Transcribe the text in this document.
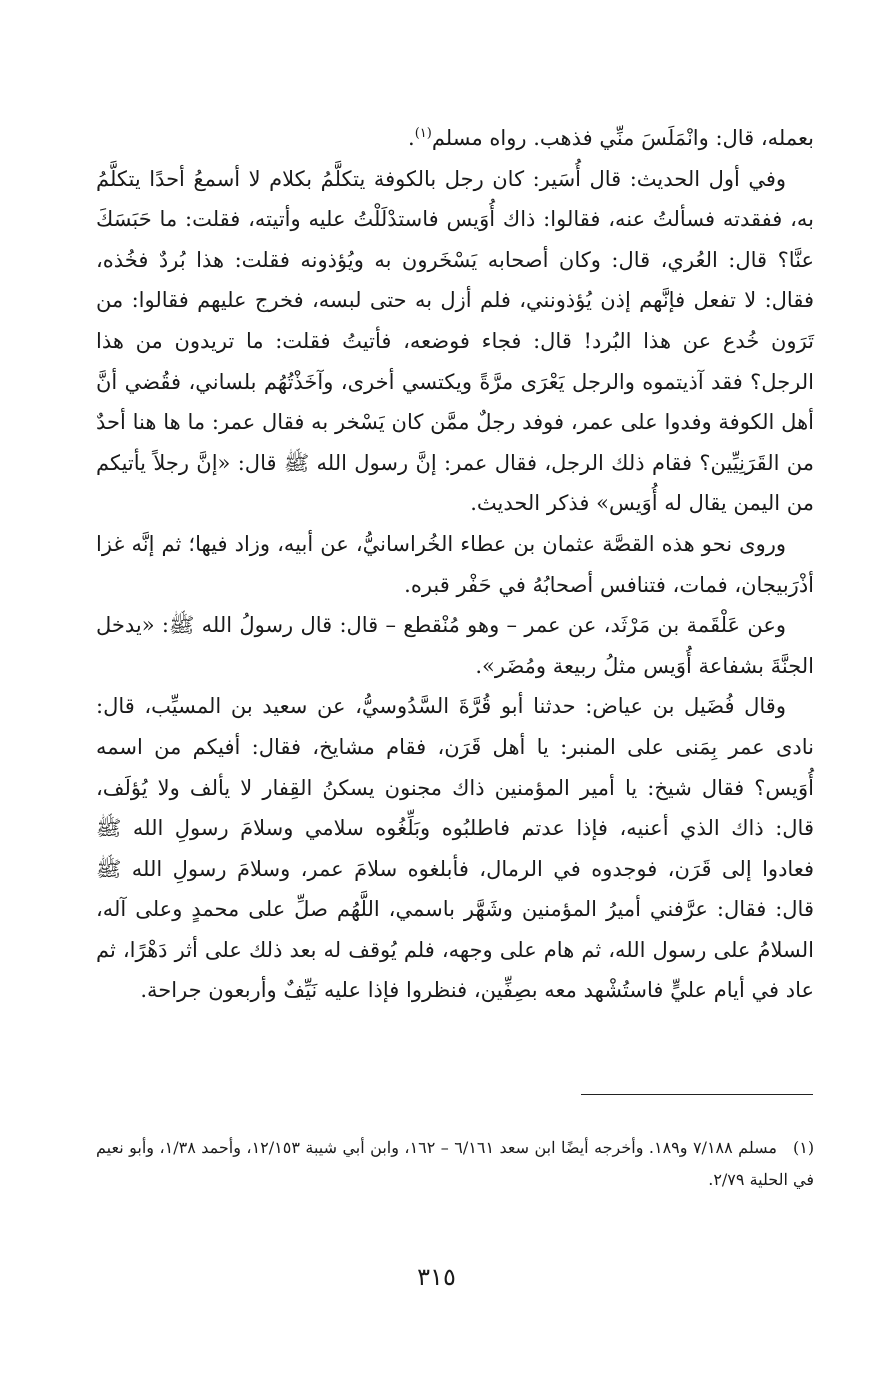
بعمله، قال: وانْمَلَسَ منِّي فذهب. رواه مسلم$^{(١)}$.

وفي أول الحديث: قال أُسَير: كان رجل بالكوفة يتكلَّمُ بكلام لا أسمعُ أحدًا يتكلَّمُ به، ففقدته فسألتُ عنه، فقالوا: ذاك أُوَيس فاستدْلَلْتُ عليه وأتيته، فقلت: ما حَبَسَكَ عنَّا؟ قال: العُري، قال: وكان أصحابه يَسْخَرون به ويُؤذونه فقلت: هذا بُردٌ فخُذه، فقال: لا تفعل فإنَّهم إذن يُؤذونني، فلم أزل به حتى لبسه، فخرج عليهم فقالوا: من تَرَون خُدع عن هذا البُرد! قال: فجاء فوضعه، فأتيتُ فقلت: ما تريدون من هذا الرجل؟ فقد آذيتموه والرجل يَعْرَى مرَّةً ويكتسي أخرى، وآخَذْتُهُم بلساني، فقُضي أنَّ أهل الكوفة وفدوا على عمر، فوفد رجلٌ ممَّن كان يَسْخر به فقال عمر: ما ها هنا أحدٌ من القَرَنِيِّين؟ فقام ذلك الرجل، فقال عمر: إنَّ رسول الله ﷺ قال: «إنَّ رجلاً يأتيكم من اليمن يقال له أُوَيس» فذكر الحديث.

وروى نحو هذه القصَّة عثمان بن عطاء الخُراسانيُّ، عن أبيه، وزاد فيها؛ ثم إنَّه غزا أذْرَبيجان، فمات، فتنافس أصحابُهُ في حَفْر قبره.

وعن عَلْقَمة بن مَرْثَد، عن عمر – وهو مُنْقطع – قال: قال رسولُ الله ﷺ: «يدخل الجنَّةَ بشفاعة أُوَيس مثلُ ربيعة ومُضَر».

وقال فُضَيل بن عياض: حدثنا أبو قُرَّةَ السَّدُوسيُّ، عن سعيد بن المسيِّب، قال: نادى عمر بِمَنى على المنبر: يا أهل قَرَن، فقام مشايخ، فقال: أفيكم من اسمه أُوَيس؟ فقال شيخ: يا أمير المؤمنين ذاك مجنون يسكنُ القِفار لا يألف ولا يُؤلَف، قال: ذاك الذي أعنيه، فإذا عدتم فاطلبُوه وبَلِّغُوه سلامي وسلامَ رسولِ الله ﷺ فعادوا إلى قَرَن، فوجدوه في الرمال، فأبلغوه سلامَ عمر، وسلامَ رسولِ الله ﷺ قال: فقال: عرَّفني أميرُ المؤمنين وشَهَّر باسمي، اللَّهُم صلِّ على محمدٍ وعلى آله، السلامُ على رسول الله، ثم هام على وجهه، فلم يُوقف له بعد ذلك على أثر دَهْرًا، ثم عاد في أيام عليٍّ فاستُشْهد معه بصِفِّين، فنظروا فإذا عليه نَيِّفٌ وأربعون جراحة.

(١)مسلم ٧/١٨٨ و١٨٩. وأخرجه أيضًا ابن سعد ٦/١٦١ – ١٦٢، وابن أبي شيبة ١٢/١٥٣، وأحمد ١/٣٨، وأبو نعيم في الحلية ٢/٧٩.

٣١٥
